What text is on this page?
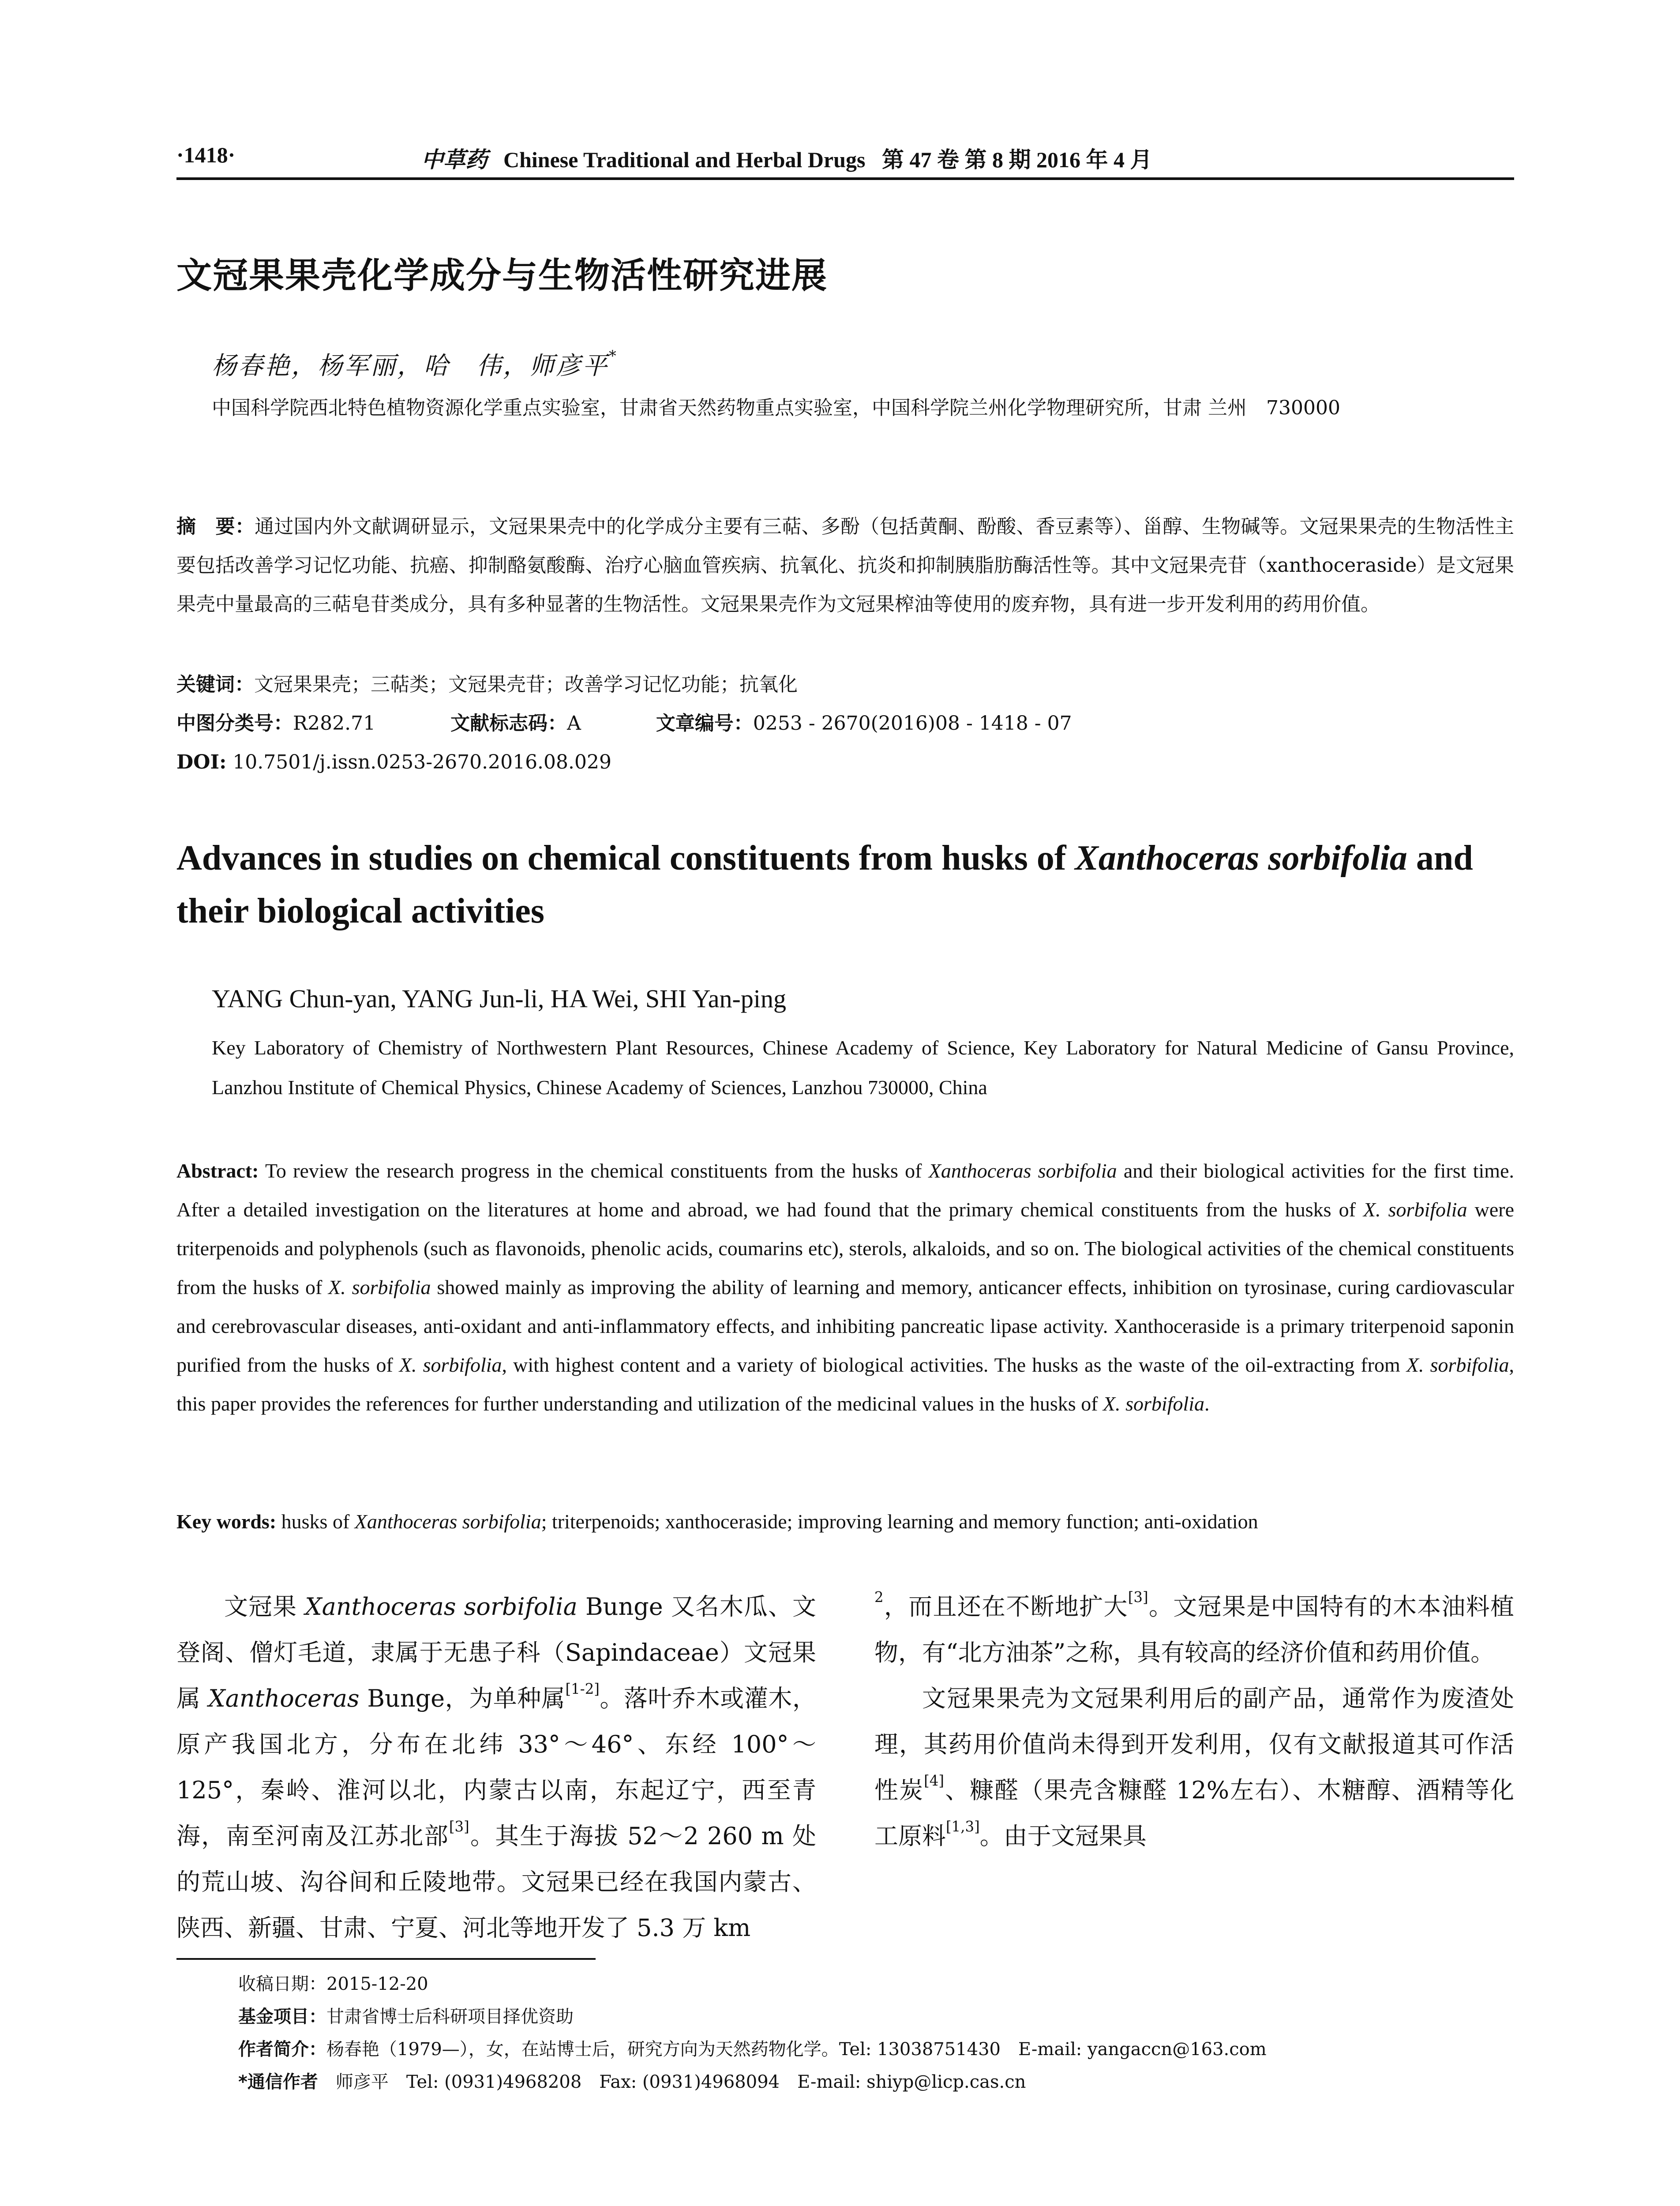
·1418·	中草药 Chinese Traditional and Herbal Drugs 第 47 卷 第 8 期 2016 年 4 月
文冠果果壳化学成分与生物活性研究进展
杨春艳，杨军丽，哈　伟，师彦平*
中国科学院西北特色植物资源化学重点实验室，甘肃省天然药物重点实验室，中国科学院兰州化学物理研究所，甘肃 兰州　730000
摘　要：通过国内外文献调研显示，文冠果果壳中的化学成分主要有三萜、多酚（包括黄酮、酚酸、香豆素等）、甾醇、生物碱等。文冠果果壳的生物活性主要包括改善学习记忆功能、抗癌、抑制酪氨酸酶、治疗心脑血管疾病、抗氧化、抗炎和抑制胰脂肪酶活性等。其中文冠果壳苷（xanthoceraside）是文冠果果壳中量最高的三萜皂苷类成分，具有多种显著的生物活性。文冠果果壳作为文冠果榨油等使用的废弃物，具有进一步开发利用的药用价值。
关键词：文冠果果壳；三萜类；文冠果壳苷；改善学习记忆功能；抗氧化
中图分类号：R282.71	文献标志码：A	文章编号：0253 - 2670(2016)08 - 1418 - 07
DOI: 10.7501/j.issn.0253-2670.2016.08.029
Advances in studies on chemical constituents from husks of Xanthoceras sorbifolia and their biological activities
YANG Chun-yan, YANG Jun-li, HA Wei, SHI Yan-ping
Key Laboratory of Chemistry of Northwestern Plant Resources, Chinese Academy of Science, Key Laboratory for Natural Medicine of Gansu Province, Lanzhou Institute of Chemical Physics, Chinese Academy of Sciences, Lanzhou 730000, China
Abstract: To review the research progress in the chemical constituents from the husks of Xanthoceras sorbifolia and their biological activities for the first time. After a detailed investigation on the literatures at home and abroad, we had found that the primary chemical constituents from the husks of X. sorbifolia were triterpenoids and polyphenols (such as flavonoids, phenolic acids, coumarins etc), sterols, alkaloids, and so on. The biological activities of the chemical constituents from the husks of X. sorbifolia showed mainly as improving the ability of learning and memory, anticancer effects, inhibition on tyrosinase, curing cardiovascular and cerebrovascular diseases, anti-oxidant and anti-inflammatory effects, and inhibiting pancreatic lipase activity. Xanthoceraside is a primary triterpenoid saponin purified from the husks of X. sorbifolia, with highest content and a variety of biological activities. The husks as the waste of the oil-extracting from X. sorbifolia, this paper provides the references for further understanding and utilization of the medicinal values in the husks of X. sorbifolia.
Key words: husks of Xanthoceras sorbifolia; triterpenoids; xanthoceraside; improving learning and memory function; anti-oxidation

文冠果 Xanthoceras sorbifolia Bunge 又名木瓜、文登阁、僧灯毛道，隶属于无患子科（Sapindaceae）文冠果属 Xanthoceras Bunge，为单种属[1-2]。落叶乔木或灌木，原产我国北方，分布在北纬 33°～46°、东经 100°～125°，秦岭、淮河以北，内蒙古以南，东起辽宁，西至青海，南至河南及江苏北部[3]。其生于海拔 52～2 260 m 处的荒山坡、沟谷间和丘陵地带。文冠果已经在我国内蒙古、陕西、新疆、甘肃、宁夏、河北等地开发了 5.3 万 km

$^2$，而且还在不断地扩大[3]。文冠果是中国特有的木本油料植物，有“北方油茶”之称，具有较高的经济价值和药用价值。

文冠果果壳为文冠果利用后的副产品，通常作为废渣处理，其药用价值尚未得到开发利用，仅有文献报道其可作活性炭[4]、糠醛（果壳含糠醛 12%左右）、木糖醇、酒精等化工原料[1,3]。由于文冠果具

收稿日期：2015-12-20
基金项目：甘肃省博士后科研项目择优资助
作者简介：杨春艳（1979—），女，在站博士后，研究方向为天然药物化学。Tel: 13038751430　E-mail: yangaccn@163.com
*通信作者　师彦平　Tel: (0931)4968208　Fax: (0931)4968094　E-mail: shiyp@licp.cas.cn
